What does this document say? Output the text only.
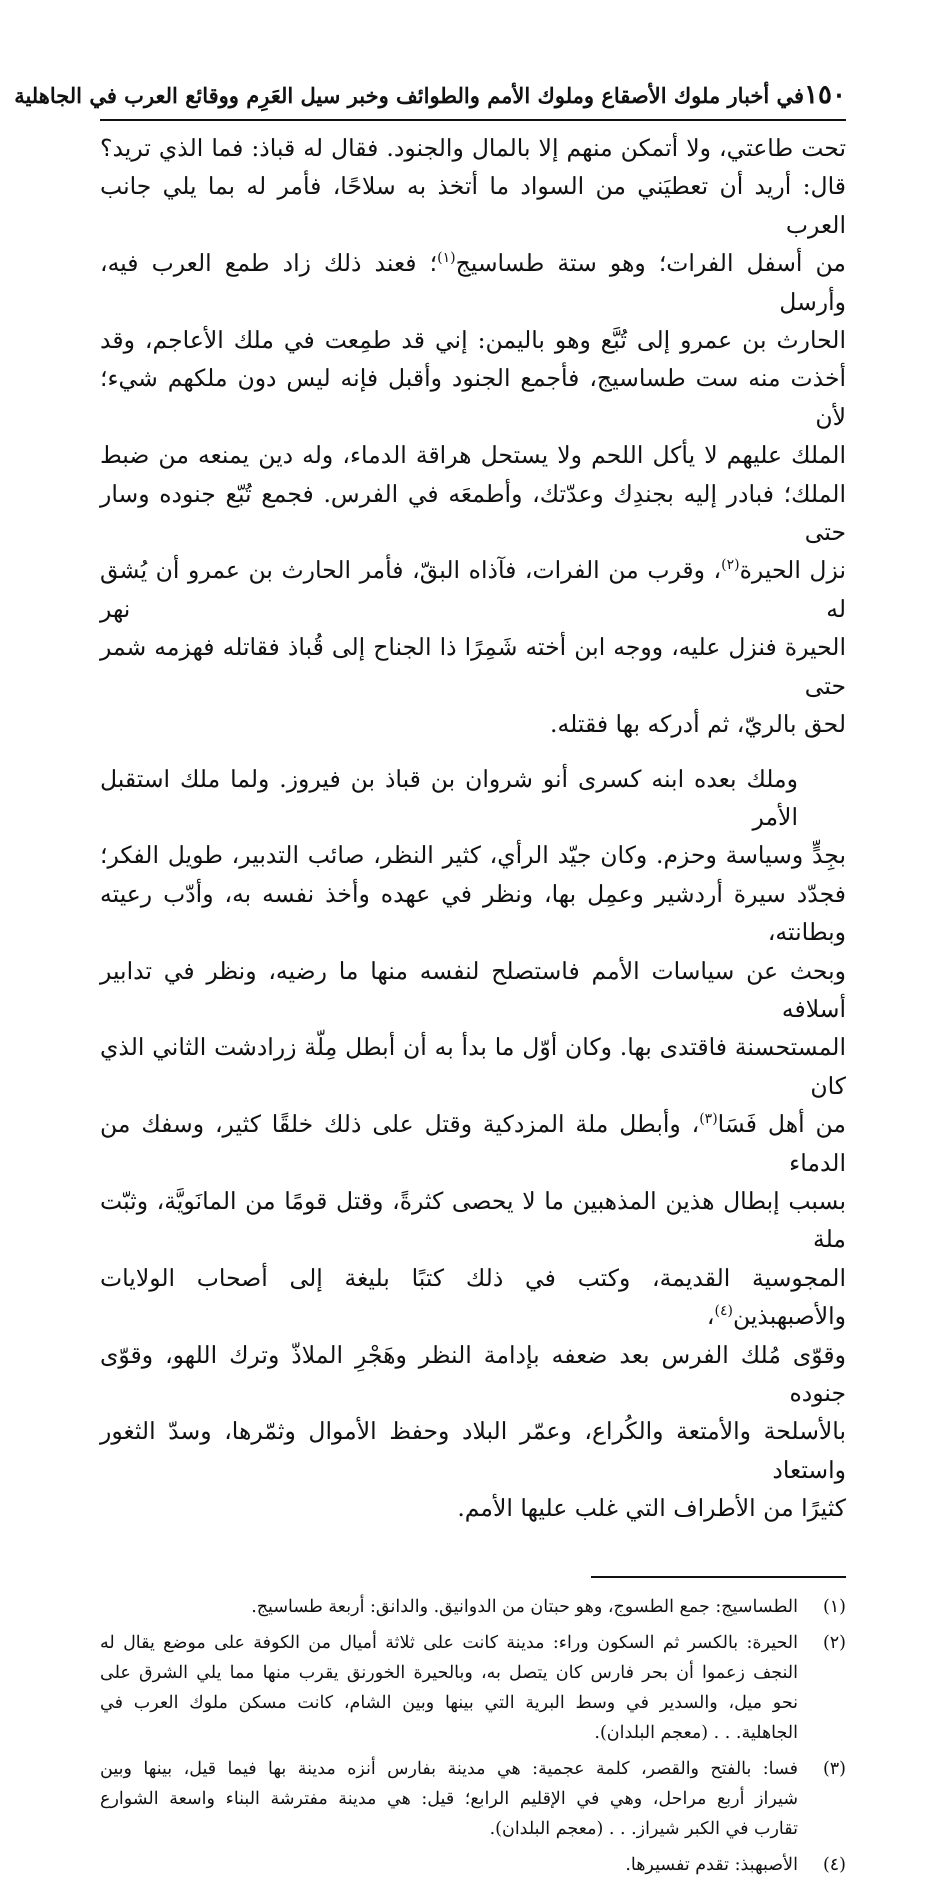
١٥٠
في أخبار ملوك الأصقاع وملوك الأمم والطوائف وخبر سيل العَرِم ووقائع العرب في الجاهلية
تحت طاعتي، ولا أتمكن منهم إلا بالمال والجنود. فقال له قباذ: فما الذي تريد؟
قال: أريد أن تعطيَني من السواد ما أتخذ به سلاحًا، فأمر له بما يلي جانب العرب
من أسفل الفرات؛ وهو ستة طساسيج$^{(١)}$؛ فعند ذلك زاد طمع العرب فيه، وأرسل
الحارث بن عمرو إلى تُبَّع وهو باليمن: إني قد طمِعت في ملك الأعاجم، وقد
أخذت منه ست طساسيج، فأجمع الجنود وأقبل فإنه ليس دون ملكهم شيء؛ لأن
الملك عليهم لا يأكل اللحم ولا يستحل هراقة الدماء، وله دين يمنعه من ضبط
الملك؛ فبادر إليه بجندِك وعدّتك، وأطمعَه في الفرس. فجمع تُبّع جنوده وسار حتى
نزل الحيرة$^{(٢)}$، وقرب من الفرات، فآذاه البقّ، فأمر الحارث بن عمرو أن يُشق له نهر
الحيرة فنزل عليه، ووجه ابن أخته شَمِرًا ذا الجناح إلى قُباذ فقاتله فهزمه شمر حتى
لحق بالريّ، ثم أدركه بها فقتله.
وملك بعده ابنه كسرى أنو شروان بن قباذ بن فيروز. ولما ملك استقبل الأمر
بجِدٍّ وسياسة وحزم. وكان جيّد الرأي، كثير النظر، صائب التدبير، طويل الفكر؛
فجدّد سيرة أردشير وعمِل بها، ونظر في عهده وأخذ نفسه به، وأدّب رعيته وبطانته،
وبحث عن سياسات الأمم فاستصلح لنفسه منها ما رضيه، ونظر في تدابير أسلافه
المستحسنة فاقتدى بها. وكان أوّل ما بدأ به أن أبطل مِلّة زرادشت الثاني الذي كان
من أهل فَسَا$^{(٣)}$، وأبطل ملة المزدكية وقتل على ذلك خلقًا كثير، وسفك من الدماء
بسبب إبطال هذين المذهبين ما لا يحصى كثرةً، وقتل قومًا من المانَويَّة، وثبّت ملة
المجوسية القديمة، وكتب في ذلك كتبًا بليغة إلى أصحاب الولايات والأصبهبذين$^{(٤)}$،
وقوّى مُلك الفرس بعد ضعفه بإدامة النظر وهَجْرِ الملاذّ وترك اللهو، وقوّى جنوده
بالأسلحة والأمتعة والكُراع، وعمّر البلاد وحفظ الأموال وثمّرها، وسدّ الثغور واستعاد
كثيرًا من الأطراف التي غلب عليها الأمم.
(١)
الطساسيج: جمع الطسوج، وهو حبتان من الدوانيق. والدانق: أربعة طساسيج.
(٢)
الحيرة: بالكسر ثم السكون وراء: مدينة كانت على ثلاثة أميال من الكوفة على موضع يقال له
النجف زعموا أن بحر فارس كان يتصل به، وبالحيرة الخورنق يقرب منها مما يلي الشرق على
نحو ميل، والسدير في وسط البرية التي بينها وبين الشام، كانت مسكن ملوك العرب في
الجاهلية. . . (معجم البلدان).
(٣)
فسا: بالفتح والقصر، كلمة عجمية: هي مدينة بفارس أنزه مدينة بها فيما قيل، بينها وبين
شيراز أربع مراحل، وهي في الإقليم الرابع؛ قيل: هي مدينة مفترشة البناء واسعة الشوارع
تقارب في الكبر شيراز. . . (معجم البلدان).
(٤)
الأصبهبذ: تقدم تفسيرها.
